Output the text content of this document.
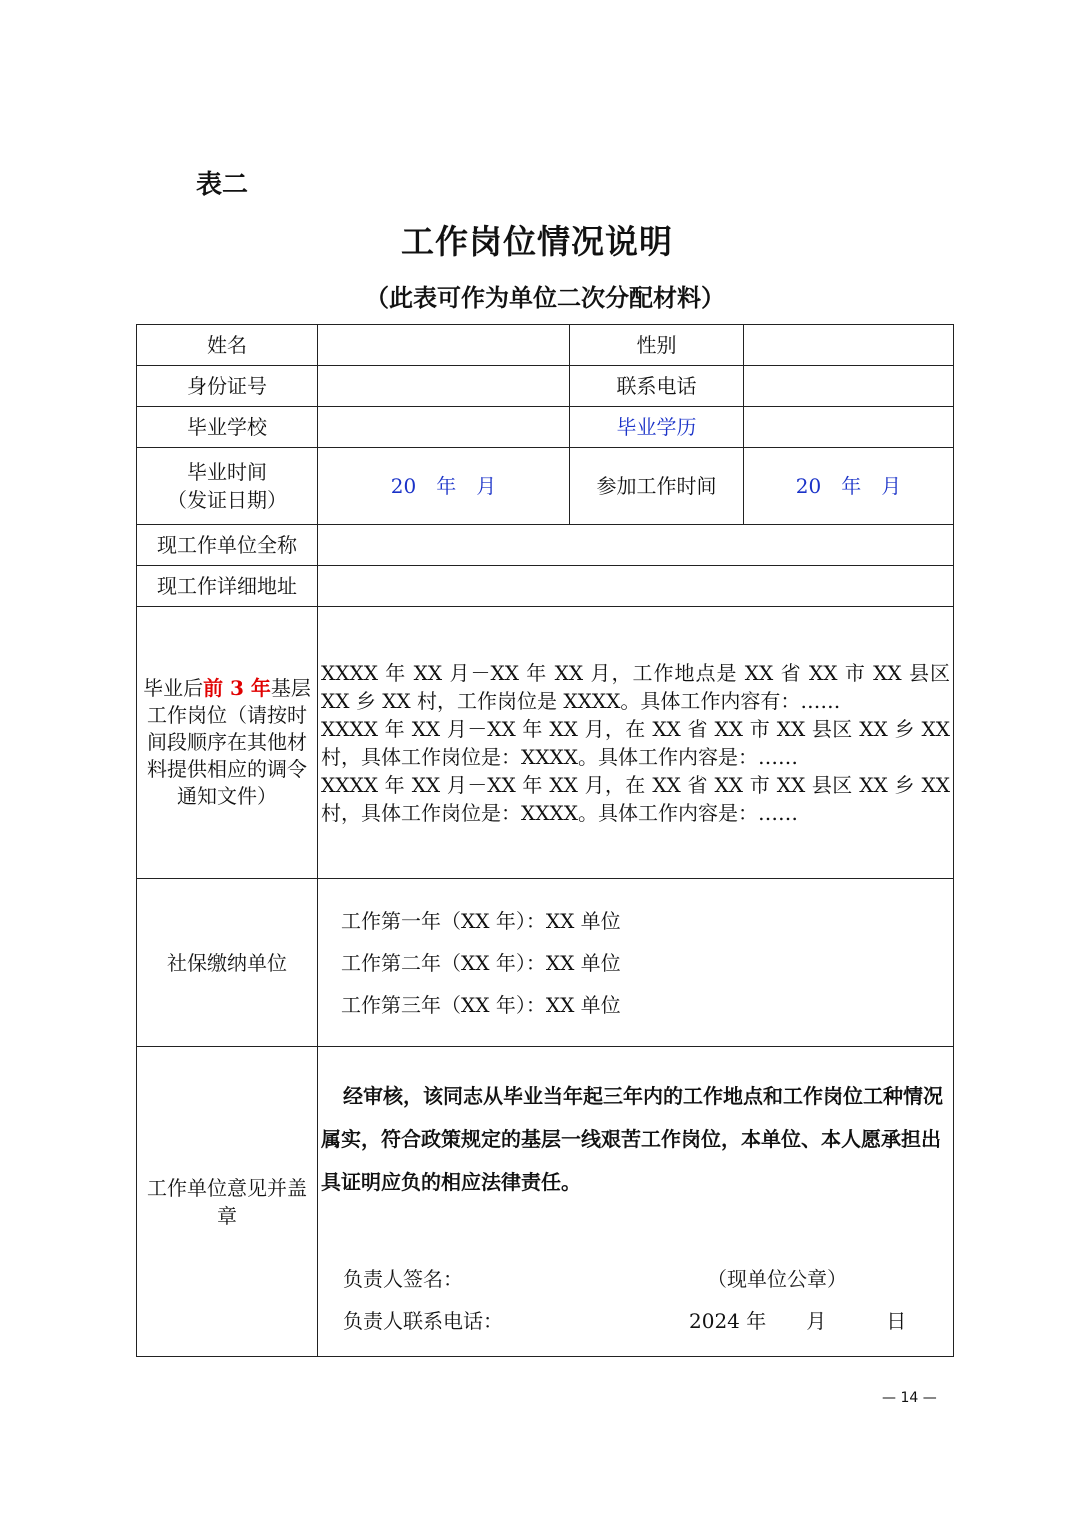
表二
工作岗位情况说明
（此表可作为单位二次分配材料）
姓名		性别	
身份证号		联系电话	
毕业学校		毕业学历	

毕业时间
（发证日期）	20　年　月	参加工作时间	20　年　月
现工作单位全称			
现工作详细地址			
毕业后前 3 年基层工作岗位（请按时间段顺序在其他材料提供相应的调令通知文件）	XXXX 年 XX 月－XX 年 XX 月，工作地点是 XX 省 XX 市 XX 县区 XX 乡 XX 村，工作岗位是 XXXX。具体工作内容有：……
XXXX 年 XX 月－XX 年 XX 月，在 XX 省 XX 市 XX 县区 XX 乡 XX 村，具体工作岗位是：XXXX。具体工作内容是：……
XXXX 年 XX 月－XX 年 XX 月，在 XX 省 XX 市 XX 县区 XX 乡 XX 村，具体工作岗位是：XXXX。具体工作内容是：……		

社保缴纳单位	工作第一年（XX 年）：XX 单位

工作第二年（XX 年）：XX 单位

工作第三年（XX 年）：XX 单位		

工作单位意见并盖章	经审核，该同志从毕业当年起三年内的工作地点和工作岗位工种情况属实，符合政策规定的基层一线艰苦工作岗位，本单位、本人愿承担出具证明应负的相应法律责任。

负责人签名： （现单位公章）
负责人联系电话： 2024 年　　月　　　日		
— 14 —
